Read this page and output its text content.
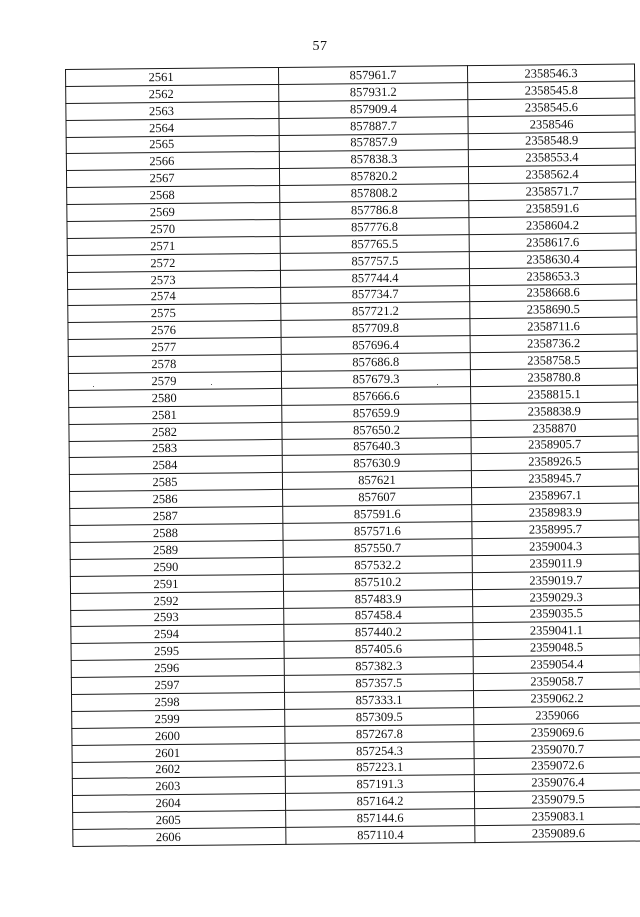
57
2561	857961.7	2358546.3
2562	857931.2	2358545.8
2563	857909.4	2358545.6
2564	857887.7	2358546
2565	857857.9	2358548.9
2566	857838.3	2358553.4
2567	857820.2	2358562.4
2568	857808.2	2358571.7
2569	857786.8	2358591.6
2570	857776.8	2358604.2
2571	857765.5	2358617.6
2572	857757.5	2358630.4
2573	857744.4	2358653.3
2574	857734.7	2358668.6
2575	857721.2	2358690.5
2576	857709.8	2358711.6
2577	857696.4	2358736.2
2578	857686.8	2358758.5
2579	857679.3	2358780.8
2580	857666.6	2358815.1
2581	857659.9	2358838.9
2582	857650.2	2358870
2583	857640.3	2358905.7
2584	857630.9	2358926.5
2585	857621	2358945.7
2586	857607	2358967.1
2587	857591.6	2358983.9
2588	857571.6	2358995.7
2589	857550.7	2359004.3
2590	857532.2	2359011.9
2591	857510.2	2359019.7
2592	857483.9	2359029.3
2593	857458.4	2359035.5
2594	857440.2	2359041.1
2595	857405.6	2359048.5
2596	857382.3	2359054.4
2597	857357.5	2359058.7
2598	857333.1	2359062.2
2599	857309.5	2359066
2600	857267.8	2359069.6
2601	857254.3	2359070.7
2602	857223.1	2359072.6
2603	857191.3	2359076.4
2604	857164.2	2359079.5
2605	857144.6	2359083.1
2606	857110.4	2359089.6
